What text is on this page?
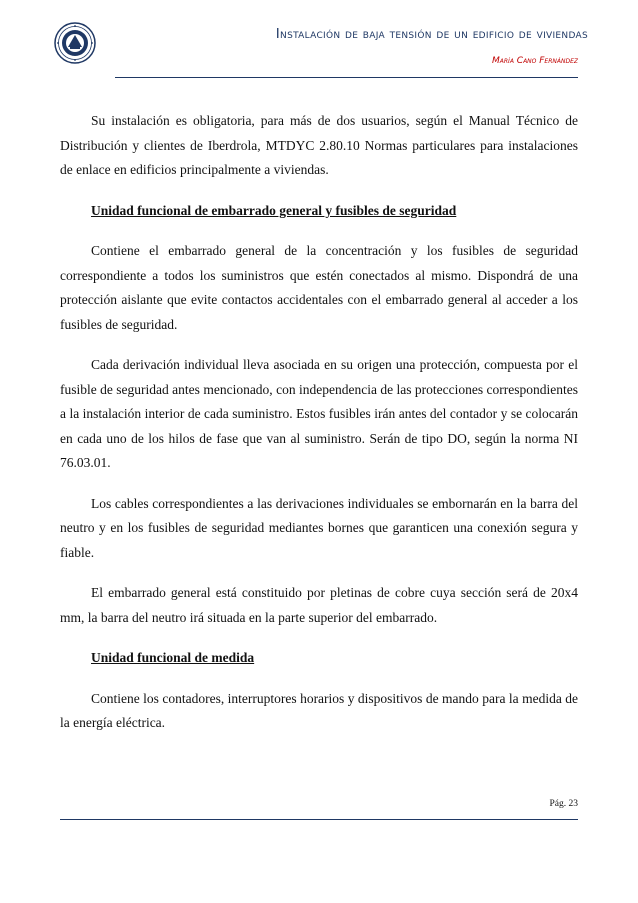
Instalación de baja tensión de un edificio de viviendas
María Cano Fernández

Su instalación es obligatoria, para más de dos usuarios, según el Manual Técnico de Distribución y clientes de Iberdrola, MTDYC 2.80.10 Normas particulares para instalaciones de enlace en edificios principalmente a viviendas.

Unidad funcional de embarrado general y fusibles de seguridad

Contiene el embarrado general de la concentración y los fusibles de seguridad correspondiente a todos los suministros que estén conectados al mismo. Dispondrá de una protección aislante que evite contactos accidentales con el embarrado general al acceder a los fusibles de seguridad.

Cada derivación individual lleva asociada en su origen una protección, compuesta por el fusible de seguridad antes mencionado, con independencia de las protecciones correspondientes a la instalación interior de cada suministro. Estos fusibles irán antes del contador y se colocarán en cada uno de los hilos de fase que van al suministro. Serán de tipo DO, según la norma NI 76.03.01.

Los cables correspondientes a las derivaciones individuales se embornarán en la barra del neutro y en los fusibles de seguridad mediantes bornes que garanticen una conexión segura y fiable.

El embarrado general está constituido por pletinas de cobre cuya sección será de 20x4 mm, la barra del neutro irá situada en la parte superior del embarrado.

Unidad funcional de medida

Contiene los contadores, interruptores horarios y dispositivos de mando para la medida de la energía eléctrica.

Pág. 23
